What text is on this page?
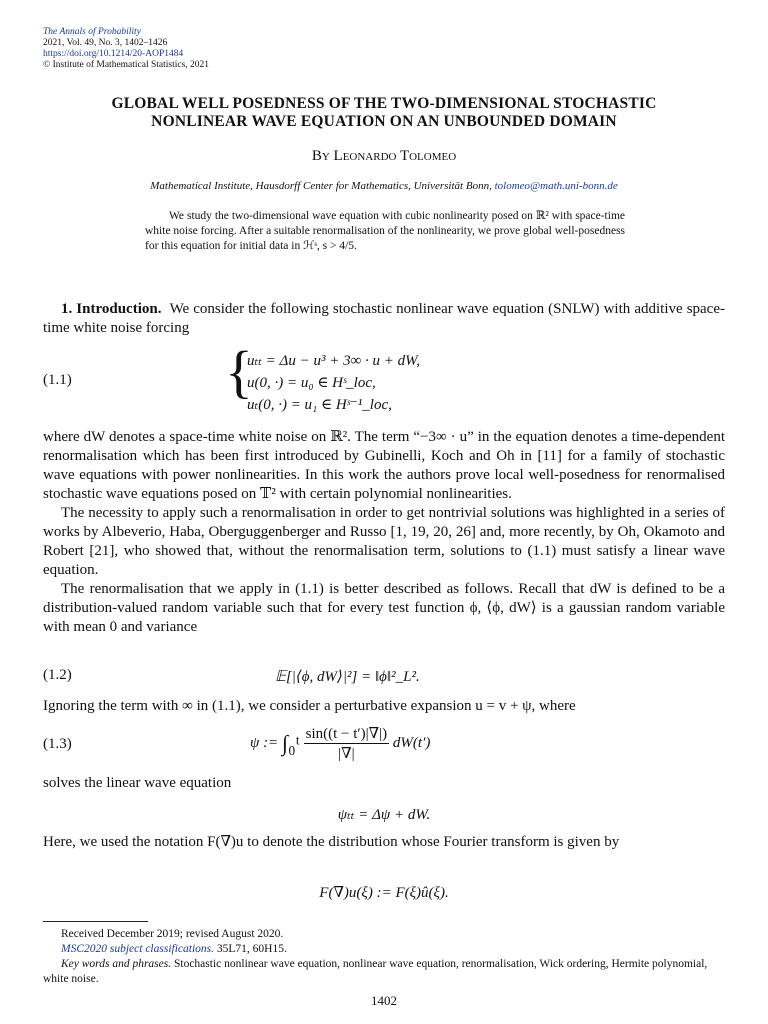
The Annals of Probability
2021, Vol. 49, No. 3, 1402–1426
https://doi.org/10.1214/20-AOP1484
© Institute of Mathematical Statistics, 2021
GLOBAL WELL POSEDNESS OF THE TWO-DIMENSIONAL STOCHASTIC
NONLINEAR WAVE EQUATION ON AN UNBOUNDED DOMAIN
By Leonardo Tolomeo
Mathematical Institute, Hausdorff Center for Mathematics, Universität Bonn, tolomeo@math.uni-bonn.de

We study the two-dimensional wave equation with cubic nonlinearity posed on ℝ² with space-time white noise forcing. After a suitable renormalisation of the nonlinearity, we prove global well-posedness for this equation for initial data in ℋˢ, s > 4/5.

1. Introduction. We consider the following stochastic nonlinear wave equation (SNLW) with additive space-time white noise forcing

(1.1)	{
uₜₜ = Δu − u³ + 3∞ · u + dW,
u(0, ·) = u₀ ∈ Hˢ_loc,
uₜ(0, ·) = u₁ ∈ Hˢ⁻¹_loc,

where dW denotes a space-time white noise on ℝ². The term “−3∞ · u” in the equation denotes a time-dependent renormalisation which has been first introduced by Gubinelli, Koch and Oh in [11] for a family of stochastic wave equations with power nonlinearities. In this work the authors prove local well-posedness for renormalised stochastic wave equations posed on 𝕋² with certain polynomial nonlinearities.

The necessity to apply such a renormalisation in order to get nontrivial solutions was highlighted in a series of works by Albeverio, Haba, Oberguggenberger and Russo [1, 19, 20, 26] and, more recently, by Oh, Okamoto and Robert [21], who showed that, without the renormalisation term, solutions to (1.1) must satisfy a linear wave equation.

The renormalisation that we apply in (1.1) is better described as follows. Recall that dW is defined to be a distribution-valued random variable such that for every test function ϕ, ⟨ϕ, dW⟩ is a gaussian random variable with mean 0 and variance

(1.2)	𝔼[|⟨ϕ, dW⟩|²] = ‖ϕ‖²_L².

Ignoring the term with ∞ in (1.1), we consider a perturbative expansion u = v + ψ, where

(1.3)	ψ := ∫₀ᵗ $\frac{\sin((t - t')|\nabla|)}{|\nabla|} dW(t')$

solves the linear wave equation

ψₜₜ = Δψ + dW.

Here, we used the notation F(∇)u to denote the distribution whose Fourier transform is given by

F(∇)u(ξ) := F(ξ)û(ξ).

Received December 2019; revised August 2020.

MSC2020 subject classifications. 35L71, 60H15.

Key words and phrases. Stochastic nonlinear wave equation, nonlinear wave equation, renormalisation, Wick ordering, Hermite polynomial, white noise.

1402
